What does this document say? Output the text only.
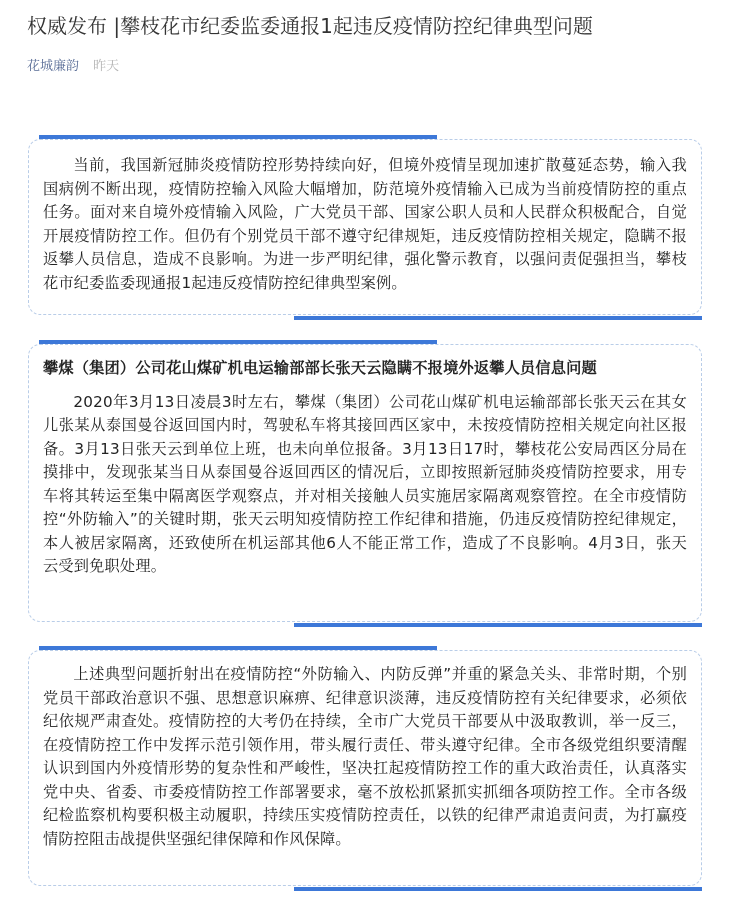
权威发布 |攀枝花市纪委监委通报1起违反疫情防控纪律典型问题
花城廉韵 昨天

当前，我国新冠肺炎疫情防控形势持续向好，但境外疫情呈现加速扩散蔓延态势，输入我国病例不断出现，疫情防控输入风险大幅增加，防范境外疫情输入已成为当前疫情防控的重点任务。面对来自境外疫情输入风险，广大党员干部、国家公职人员和人民群众积极配合，自觉开展疫情防控工作。但仍有个别党员干部不遵守纪律规矩，违反疫情防控相关规定，隐瞒不报返攀人员信息，造成不良影响。为进一步严明纪律，强化警示教育，以强问责促强担当，攀枝花市纪委监委现通报1起违反疫情防控纪律典型案例。

攀煤（集团）公司花山煤矿机电运输部部长张天云隐瞒不报境外返攀人员信息问题

2020年3月13日凌晨3时左右，攀煤（集团）公司花山煤矿机电运输部部长张天云在其女儿张某从泰国曼谷返回国内时，驾驶私车将其接回西区家中，未按疫情防控相关规定向社区报备。3月13日张天云到单位上班，也未向单位报备。3月13日17时，攀枝花公安局西区分局在摸排中，发现张某当日从泰国曼谷返回西区的情况后，立即按照新冠肺炎疫情防控要求，用专车将其转运至集中隔离医学观察点，并对相关接触人员实施居家隔离观察管控。在全市疫情防控“外防输入”的关键时期，张天云明知疫情防控工作纪律和措施，仍违反疫情防控纪律规定，本人被居家隔离，还致使所在机运部其他6人不能正常工作，造成了不良影响。4月3日，张天云受到免职处理。

上述典型问题折射出在疫情防控“外防输入、内防反弹”并重的紧急关头、非常时期，个别党员干部政治意识不强、思想意识麻痹、纪律意识淡薄，违反疫情防控有关纪律要求，必须依纪依规严肃查处。疫情防控的大考仍在持续，全市广大党员干部要从中汲取教训，举一反三，在疫情防控工作中发挥示范引领作用，带头履行责任、带头遵守纪律。全市各级党组织要清醒认识到国内外疫情形势的复杂性和严峻性，坚决扛起疫情防控工作的重大政治责任，认真落实党中央、省委、市委疫情防控工作部署要求，毫不放松抓紧抓实抓细各项防控工作。全市各级纪检监察机构要积极主动履职，持续压实疫情防控责任，以铁的纪律严肃追责问责，为打赢疫情防控阻击战提供坚强纪律保障和作风保障。
